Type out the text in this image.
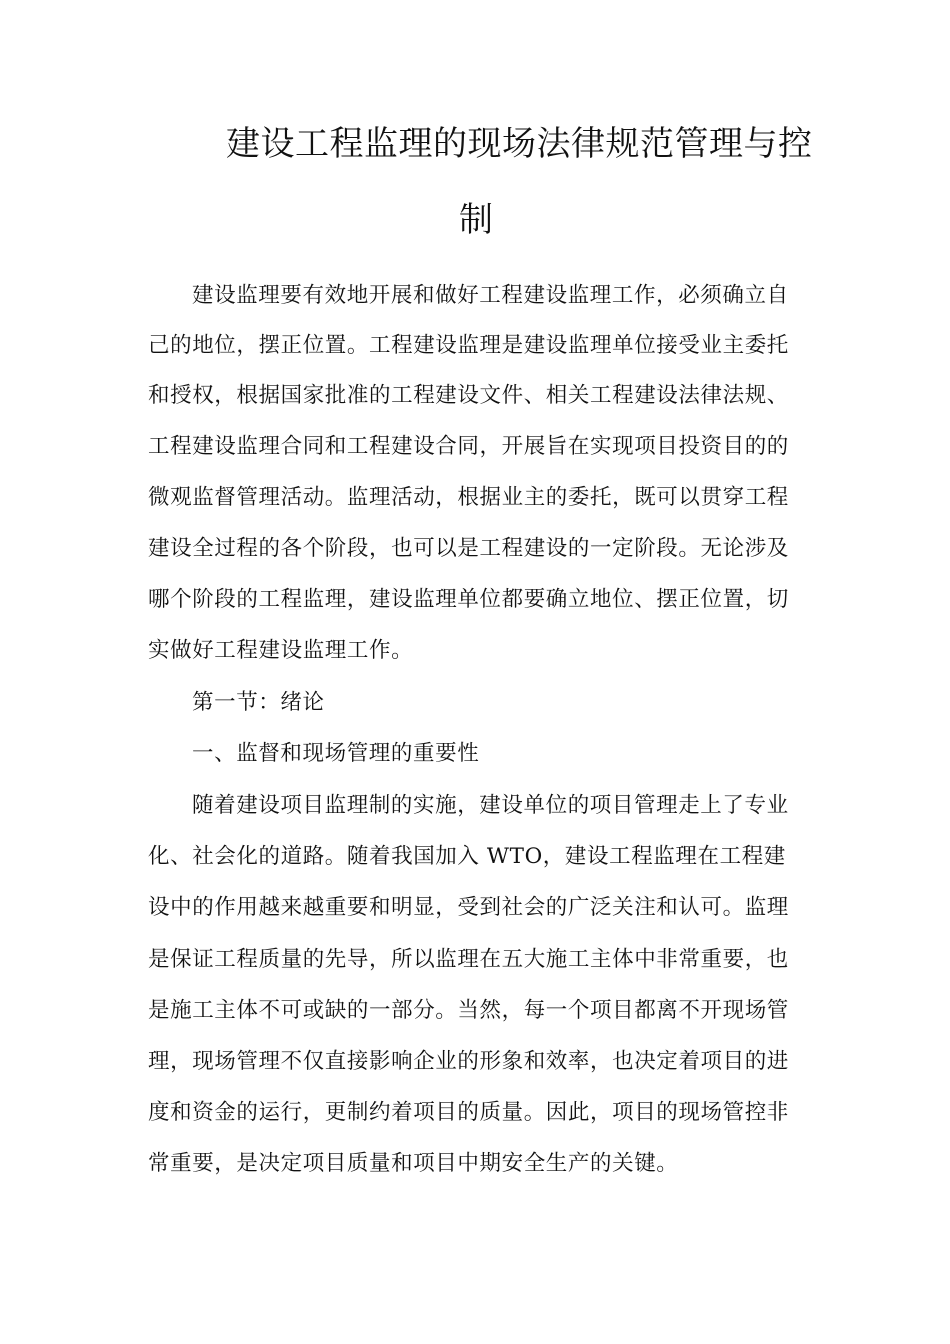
建设工程监理的现场法律规范管理与控
制
建设监理要有效地开展和做好工程建设监理工作，必须确立自
己的地位，摆正位置。工程建设监理是建设监理单位接受业主委托
和授权，根据国家批准的工程建设文件、相关工程建设法律法规、
工程建设监理合同和工程建设合同，开展旨在实现项目投资目的的
微观监督管理活动。监理活动，根据业主的委托，既可以贯穿工程
建设全过程的各个阶段，也可以是工程建设的一定阶段。无论涉及
哪个阶段的工程监理，建设监理单位都要确立地位、摆正位置，切
实做好工程建设监理工作。
第一节：绪论
一、监督和现场管理的重要性
随着建设项目监理制的实施，建设单位的项目管理走上了专业
化、社会化的道路。随着我国加入 WTO，建设工程监理在工程建
设中的作用越来越重要和明显，受到社会的广泛关注和认可。监理
是保证工程质量的先导，所以监理在五大施工主体中非常重要，也
是施工主体不可或缺的一部分。当然，每一个项目都离不开现场管
理，现场管理不仅直接影响企业的形象和效率，也决定着项目的进
度和资金的运行，更制约着项目的质量。因此，项目的现场管控非
常重要，是决定项目质量和项目中期安全生产的关键。
